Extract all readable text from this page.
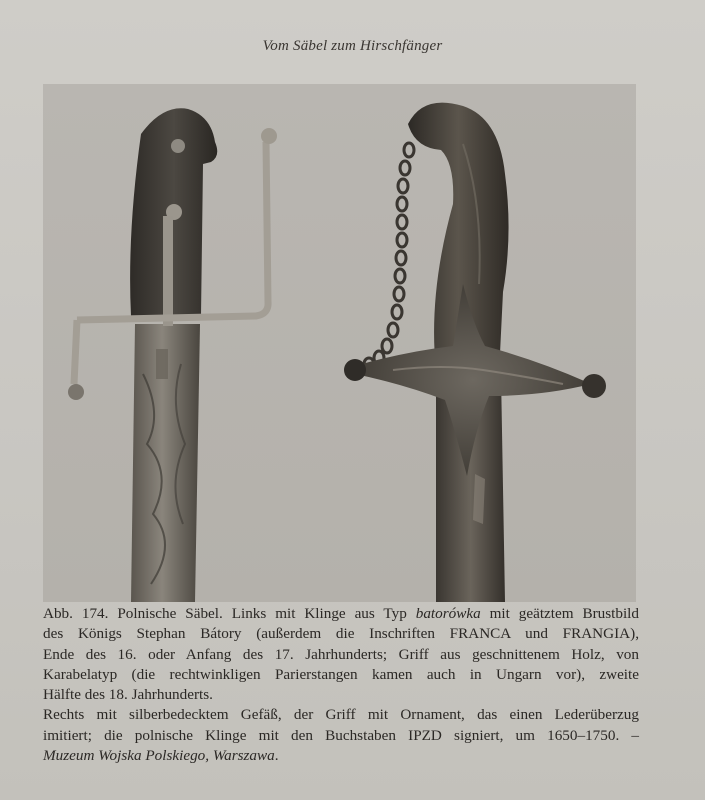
Vom Säbel zum Hirschfänger

Abb. 174. Polnische Säbel. Links mit Klinge aus Typ batorówka mit geätztem Brustbild

des Königs Stephan Bátory (außerdem die Inschriften FRANCA und FRANGIA),

Ende des 16. oder Anfang des 17. Jahrhunderts; Griff aus geschnittenem Holz, von

Karabelatyp (die rechtwinkligen Parierstangen kamen auch in Ungarn vor), zweite

Hälfte des 18. Jahrhunderts.

Rechts mit silberbedecktem Gefäß, der Griff mit Ornament, das einen Lederüberzug

imitiert; die polnische Klinge mit den Buchstaben IPZD signiert, um 1650–1750. –

Muzeum Wojska Polskiego, Warszawa.
